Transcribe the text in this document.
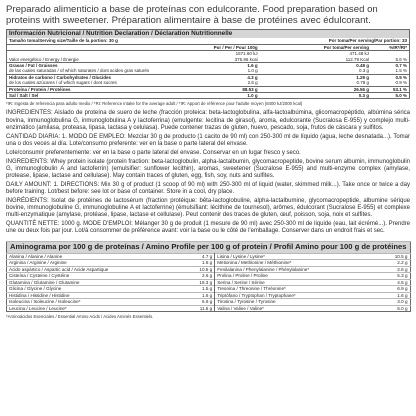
Preparado alimenticio a base de proteínas con edulcorante. Food preparation based on proteins with sweetener. Préparation alimentaire à base de protéines avec édulcorant.
Información Nutricional / Nutrition Declaration / Déclaration Nutritionnelle			
Tamaño toma/Serving size/Taille de la portion: 30 g	Por toma/Per serving/Par portion: 33		
	Por / Per / Pour 100g	Por toma/Per serving	%IR*/RI*
	1571.60 kJ	471.48 kJ	
Valor energético / Energy / Énergie	375.96 kcal	112.79 Kcal	5.6 %
Grasas / Fat / Graisses	1.6 g	0.48 g	0.7 %
de las cuales saturadas / of which saturates / dont acides gras saturés	1.0 g	0.3 g	1.5 %
Hidratos de carbono / Carbohydrates / Glucides	4.3 g	1.29 g	0.5 %
de los cuales azúcares / of which sugars / dont sucres	2.6 g	0.78 g	0.9 %
Proteína / Protein / Protéines	88.53 g	26.56 g	53.1 %
Sal / Salt / Sel	1.0 g	0.3 g	5.0 %
*IR: Ingesta de referencia para adulto medio / *RI: Reference intake for the average adult / *IR: Apport de référence pour l'adulte moyen (8400 kJ/2000 kcal)
INGREDIENTES: Aislado de proteína de suero de leche (fracción proteica: beta-lactoglobulina, alfa-lactoalbúmina, glicomacropéptido, albúmina sérica bovina, inmunoglobulina G, inmunoglobulina A y lactoferrina) (emulgente: lecitina de girasol), aroma, edulcorante (Sucralosa E-955) y complejo multi-enzimático (amilasa, proteasa, lipasa, lactasa y celulasa). Puede contener trazas de gluten, huevo, pescado, soja, frutos de cáscara y sulfitos.
CANTIDAD DIARIA: 1. MODO DE EMPLEO: Mezclar 30 g de producto (1 cacito de 90 ml) con 250-300 ml de líquido (agua, leche desnatada...). Tomar una o dos veces al día. Lote/consumo preferente: ver en la base o parte lateral del envase.
Lote/consumir preferentemente: ver en la base o parte lateral del envase. Conservar en un lugar fresco y seco.
INGREDIENTS: Whey protein isolate (protein fraction: beta-lactoglobulin, alpha-lactalbumin, glycomacropeptide, bovine serum albumin, immunoglobulin G, immunoglobulin A and lactoferrin) (emulsifier: sunflower lecithin), aromas, sweetener (Sucralose E-955) and multi-enzyme complex (amylase, protease, lipase, lactase and cellulase). May contain traces of gluten, egg, fish, soy, nuts and sulfites.
DAILY AMOUNT: 1. DIRECTIONS: Mix 30 g of product (1 scoop of 90 ml) with 250-300 ml of liquid (water, skimmed milk...). Take once or twice a day before training. Lot/best before: see lot or base of container. Store in a cool, dry place.
INGRÉDIENTS: Isolat de protéines de lactosérum (fraction protéique: bêta-lactoglobuline, alpha-lactalbumine, glycomacropeptide, albumine sérique bovine, immunoglobuline G, immunoglobuline A et lactoferrine) (émulsifiant: lécithine de tournesol), arômes, édulcorant (Sucralose E-955) et complexe multi-enzymatique (amylase, protéase, lipase, lactase et cellulase). Peut contenir des traces de gluten, œuf, poisson, soja, noix et sulfites.
QUANTITÉ NETTE: 1000 g. MODE D'EMPLOI: Mélanger 30 g de produit (1 mesure de 90 ml) avec 250-300 ml de liquide (eau, lait écrémé...). Prendre une ou deux fois par jour. Lot/à consommer de préférence avant: voir la base ou le côté de l'emballage. Conserver dans un endroit frais et sec.
Aminograma por 100 g de proteínas / Amino Profile per 100 g of protein / Profil Amino pour 100 g de protéines			
Alanina / Alanine / Alanine	4.7 g	Lisina / Lysine / Lysine*	10.5 g
Arginina / Arginine / Arginine	1.6 g	Metionina / Methionine / Méthionine*	2.2 g
Ácido aspártico / Aspartic acid / Acide Aspartique	10.5 g	Fenilalanina / Phenylalanine / Phénylalanine*	2.6 g
Cisteína / Cysteine / Cystéine	2.6 g	Prolina / Proline / Proline	5.3 g
Glutamina / Glutamine / Glutamine	16.3 g	Serina / Serine / Sérine	4.5 g
Glicina / Glycine / Glycine	1.5 g	Treonina / Threonine / Thréonine*	6.9 g
Histidina / Histidine / Histidine	1.6 g	Triptófano / Tryptophan / Tryptophane*	1.6 g
Isoleucina / Isoleucine / Isoleucine*	6.6 g	Tirosina / Tyrosine / Tyrosine	3.0 g
Leucina / Leucine / Leucine*	11.5 g	Valina / Valine / Valine*	6.0 g
*Aminoácidos Esenciales / Essential Amino Acids / Acides Aminés Essentiels.
